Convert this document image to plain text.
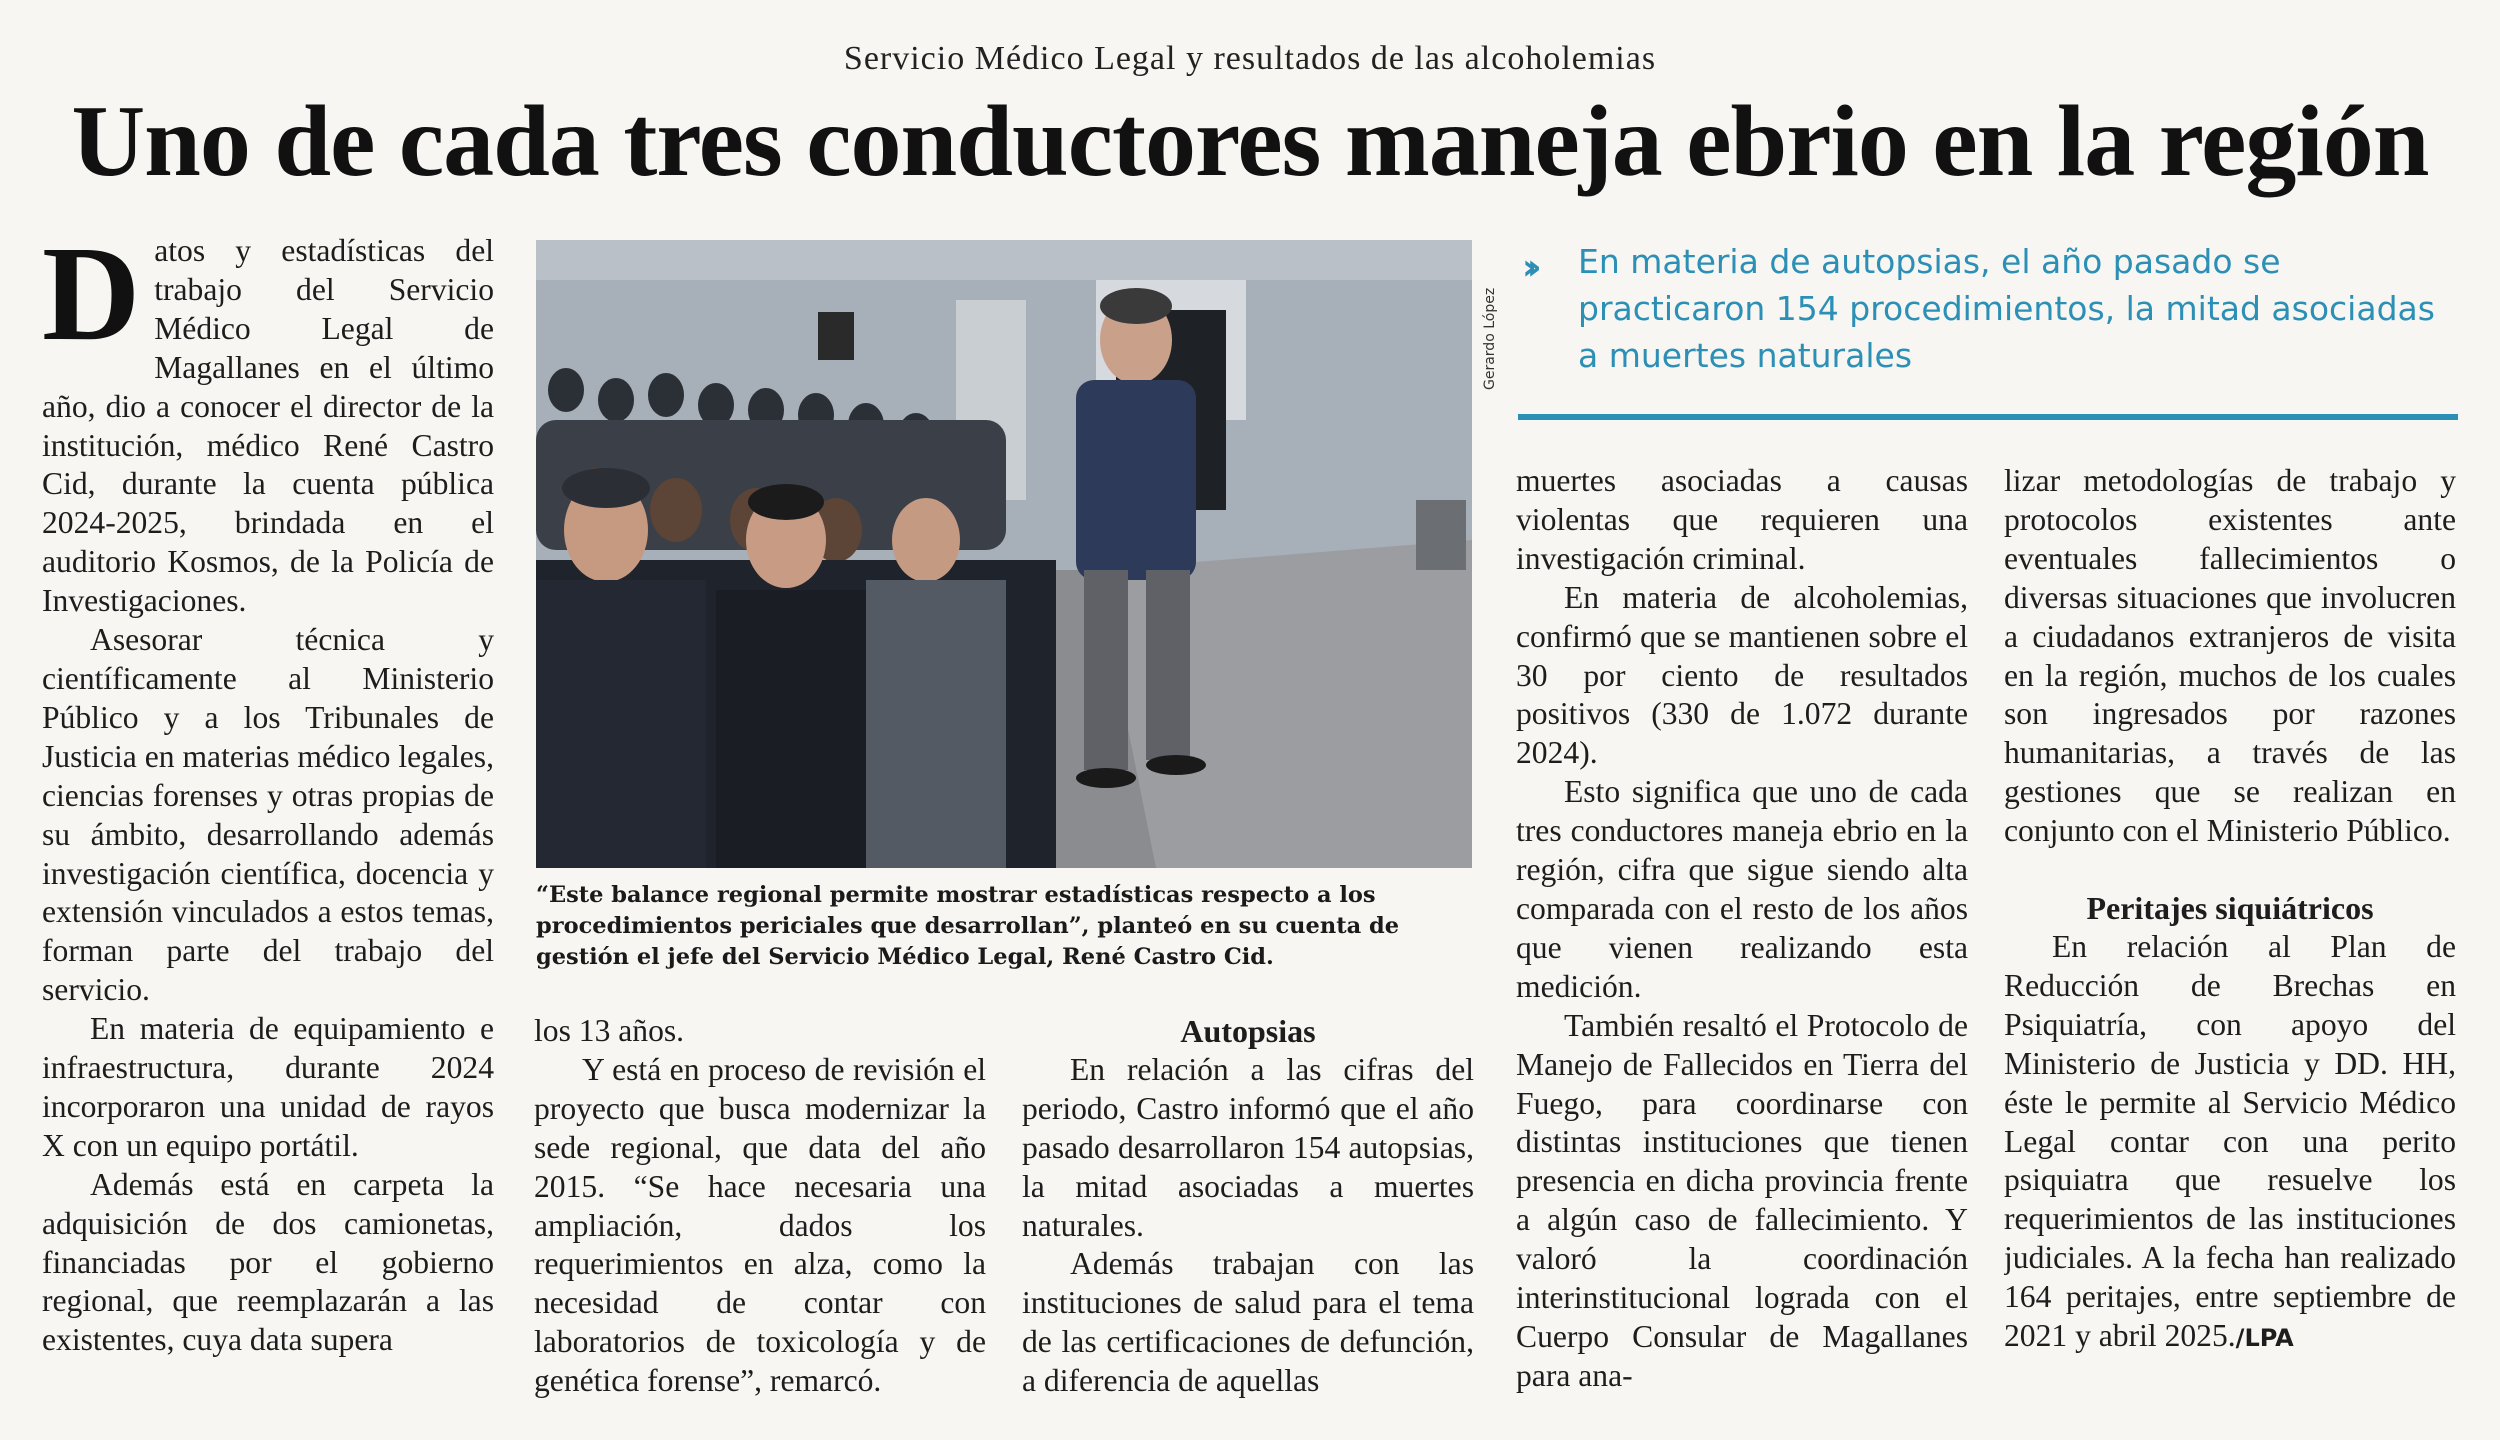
Servicio Médico Legal y resultados de las alcoholemias
Uno de cada tres conductores maneja ebrio en la región

Datos y estadísticas del trabajo del Servicio Médico Legal de Magallanes en el último año, dio a conocer el director de la institución, médico René Castro Cid, durante la cuenta pública 2024-2025, brindada en el auditorio Kosmos, de la Policía de Investigaciones.

Asesorar técnica y científicamente al Ministerio Público y a los Tribunales de Justicia en materias médico legales, ciencias forenses y otras propias de su ámbito, desarrollando además investigación científica, docencia y extensión vinculados a estos temas, forman parte del trabajo del servicio.

En materia de equipamiento e infraestructura, durante 2024 incorporaron una unidad de rayos X con un equipo portátil.

Además está en carpeta la adquisición de dos camionetas, financiadas por el gobierno regional, que reemplazarán a las existentes, cuya data supera

Gerardo López
“Este balance regional permite mostrar estadísticas respecto a los procedimientos periciales que desarrollan”, planteó en su cuenta de gestión el jefe del Servicio Médico Legal, René Castro Cid.
›› En materia de autopsias, el año pasado se practicaron 154 procedimientos, la mitad asociadas a muertes naturales

los 13 años.

Y está en proceso de revisión el proyecto que busca modernizar la sede regional, que data del año 2015. “Se hace necesaria una ampliación, dados los requerimientos en alza, como la necesidad de contar con laboratorios de toxicología y de genética forense”, remarcó.

Autopsias

En relación a las cifras del periodo, Castro informó que el año pasado desarrollaron 154 autopsias, la mitad asociadas a muertes naturales.

Además trabajan con las instituciones de salud para el tema de las certificaciones de defunción, a diferencia de aquellas

muertes asociadas a causas violentas que requieren una investigación criminal.

En materia de alcoholemias, confirmó que se mantienen sobre el 30 por ciento de resultados positivos (330 de 1.072 durante 2024).

Esto significa que uno de cada tres conductores maneja ebrio en la región, cifra que sigue siendo alta comparada con el resto de los años que vienen realizando esta medición.

También resaltó el Protocolo de Manejo de Fallecidos en Tierra del Fuego, para coordinarse con distintas instituciones que tienen presencia en dicha provincia frente a algún caso de fallecimiento. Y valoró la coordinación interinstitucional lograda con el Cuerpo Consular de Magallanes para ana-

lizar metodologías de trabajo y protocolos existentes ante eventuales fallecimientos o diversas situaciones que involucren a ciudadanos extranjeros de visita en la región, muchos de los cuales son ingresados por razones humanitarias, a través de las gestiones que se realizan en conjunto con el Ministerio Público.

Peritajes siquiátricos

En relación al Plan de Reducción de Brechas en Psiquiatría, con apoyo del Ministerio de Justicia y DD. HH, éste le permite al Servicio Médico Legal contar con una perito psiquiatra que resuelve los requerimientos de las instituciones judiciales. A la fecha han realizado 164 peritajes, entre septiembre de 2021 y abril 2025./LPA
